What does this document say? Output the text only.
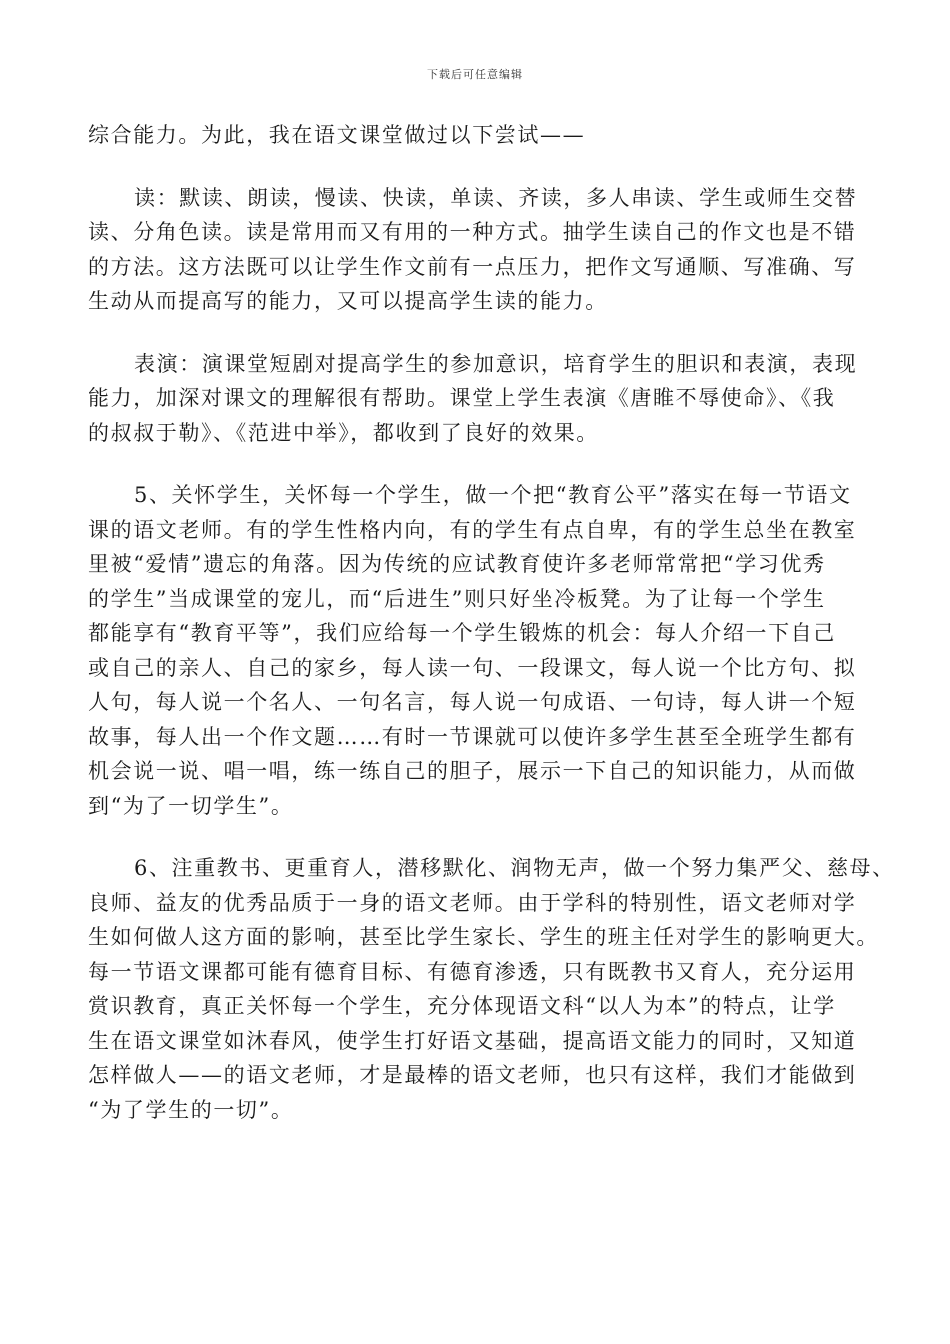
下载后可任意编辑
综合能力。为此，我在语文课堂做过以下尝试——
读：默读、朗读，慢读、快读，单读、齐读，多人串读、学生或师生交替
读、分角色读。读是常用而又有用的一种方式。抽学生读自己的作文也是不错
的方法。这方法既可以让学生作文前有一点压力，把作文写通顺、写准确、写
生动从而提高写的能力，又可以提高学生读的能力。
表演：演课堂短剧对提高学生的参加意识，培育学生的胆识和表演，表现
能力，加深对课文的理解很有帮助。课堂上学生表演《唐睢不辱使命》、《我
的叔叔于勒》、《范进中举》，都收到了良好的效果。
5、关怀学生，关怀每一个学生，做一个把“教育公平”落实在每一节语文
课的语文老师。有的学生性格内向，有的学生有点自卑，有的学生总坐在教室
里被“爱情”遗忘的角落。因为传统的应试教育使许多老师常常把“学习优秀
的学生”当成课堂的宠儿，而“后进生”则只好坐冷板凳。为了让每一个学生
都能享有“教育平等”，我们应给每一个学生锻炼的机会：每人介绍一下自己
或自己的亲人、自己的家乡，每人读一句、一段课文，每人说一个比方句、拟
人句，每人说一个名人、一句名言，每人说一句成语、一句诗，每人讲一个短
故事，每人出一个作文题……有时一节课就可以使许多学生甚至全班学生都有
机会说一说、唱一唱，练一练自己的胆子，展示一下自己的知识能力，从而做
到“为了一切学生”。
6、注重教书、更重育人，潜移默化、润物无声，做一个努力集严父、慈母、
良师、益友的优秀品质于一身的语文老师。由于学科的特别性，语文老师对学
生如何做人这方面的影响，甚至比学生家长、学生的班主任对学生的影响更大。
每一节语文课都可能有德育目标、有德育渗透，只有既教书又育人，充分运用
赏识教育，真正关怀每一个学生，充分体现语文科“以人为本”的特点，让学
生在语文课堂如沐春风，使学生打好语文基础，提高语文能力的同时，又知道
怎样做人——的语文老师，才是最棒的语文老师，也只有这样，我们才能做到
“为了学生的一切”。
